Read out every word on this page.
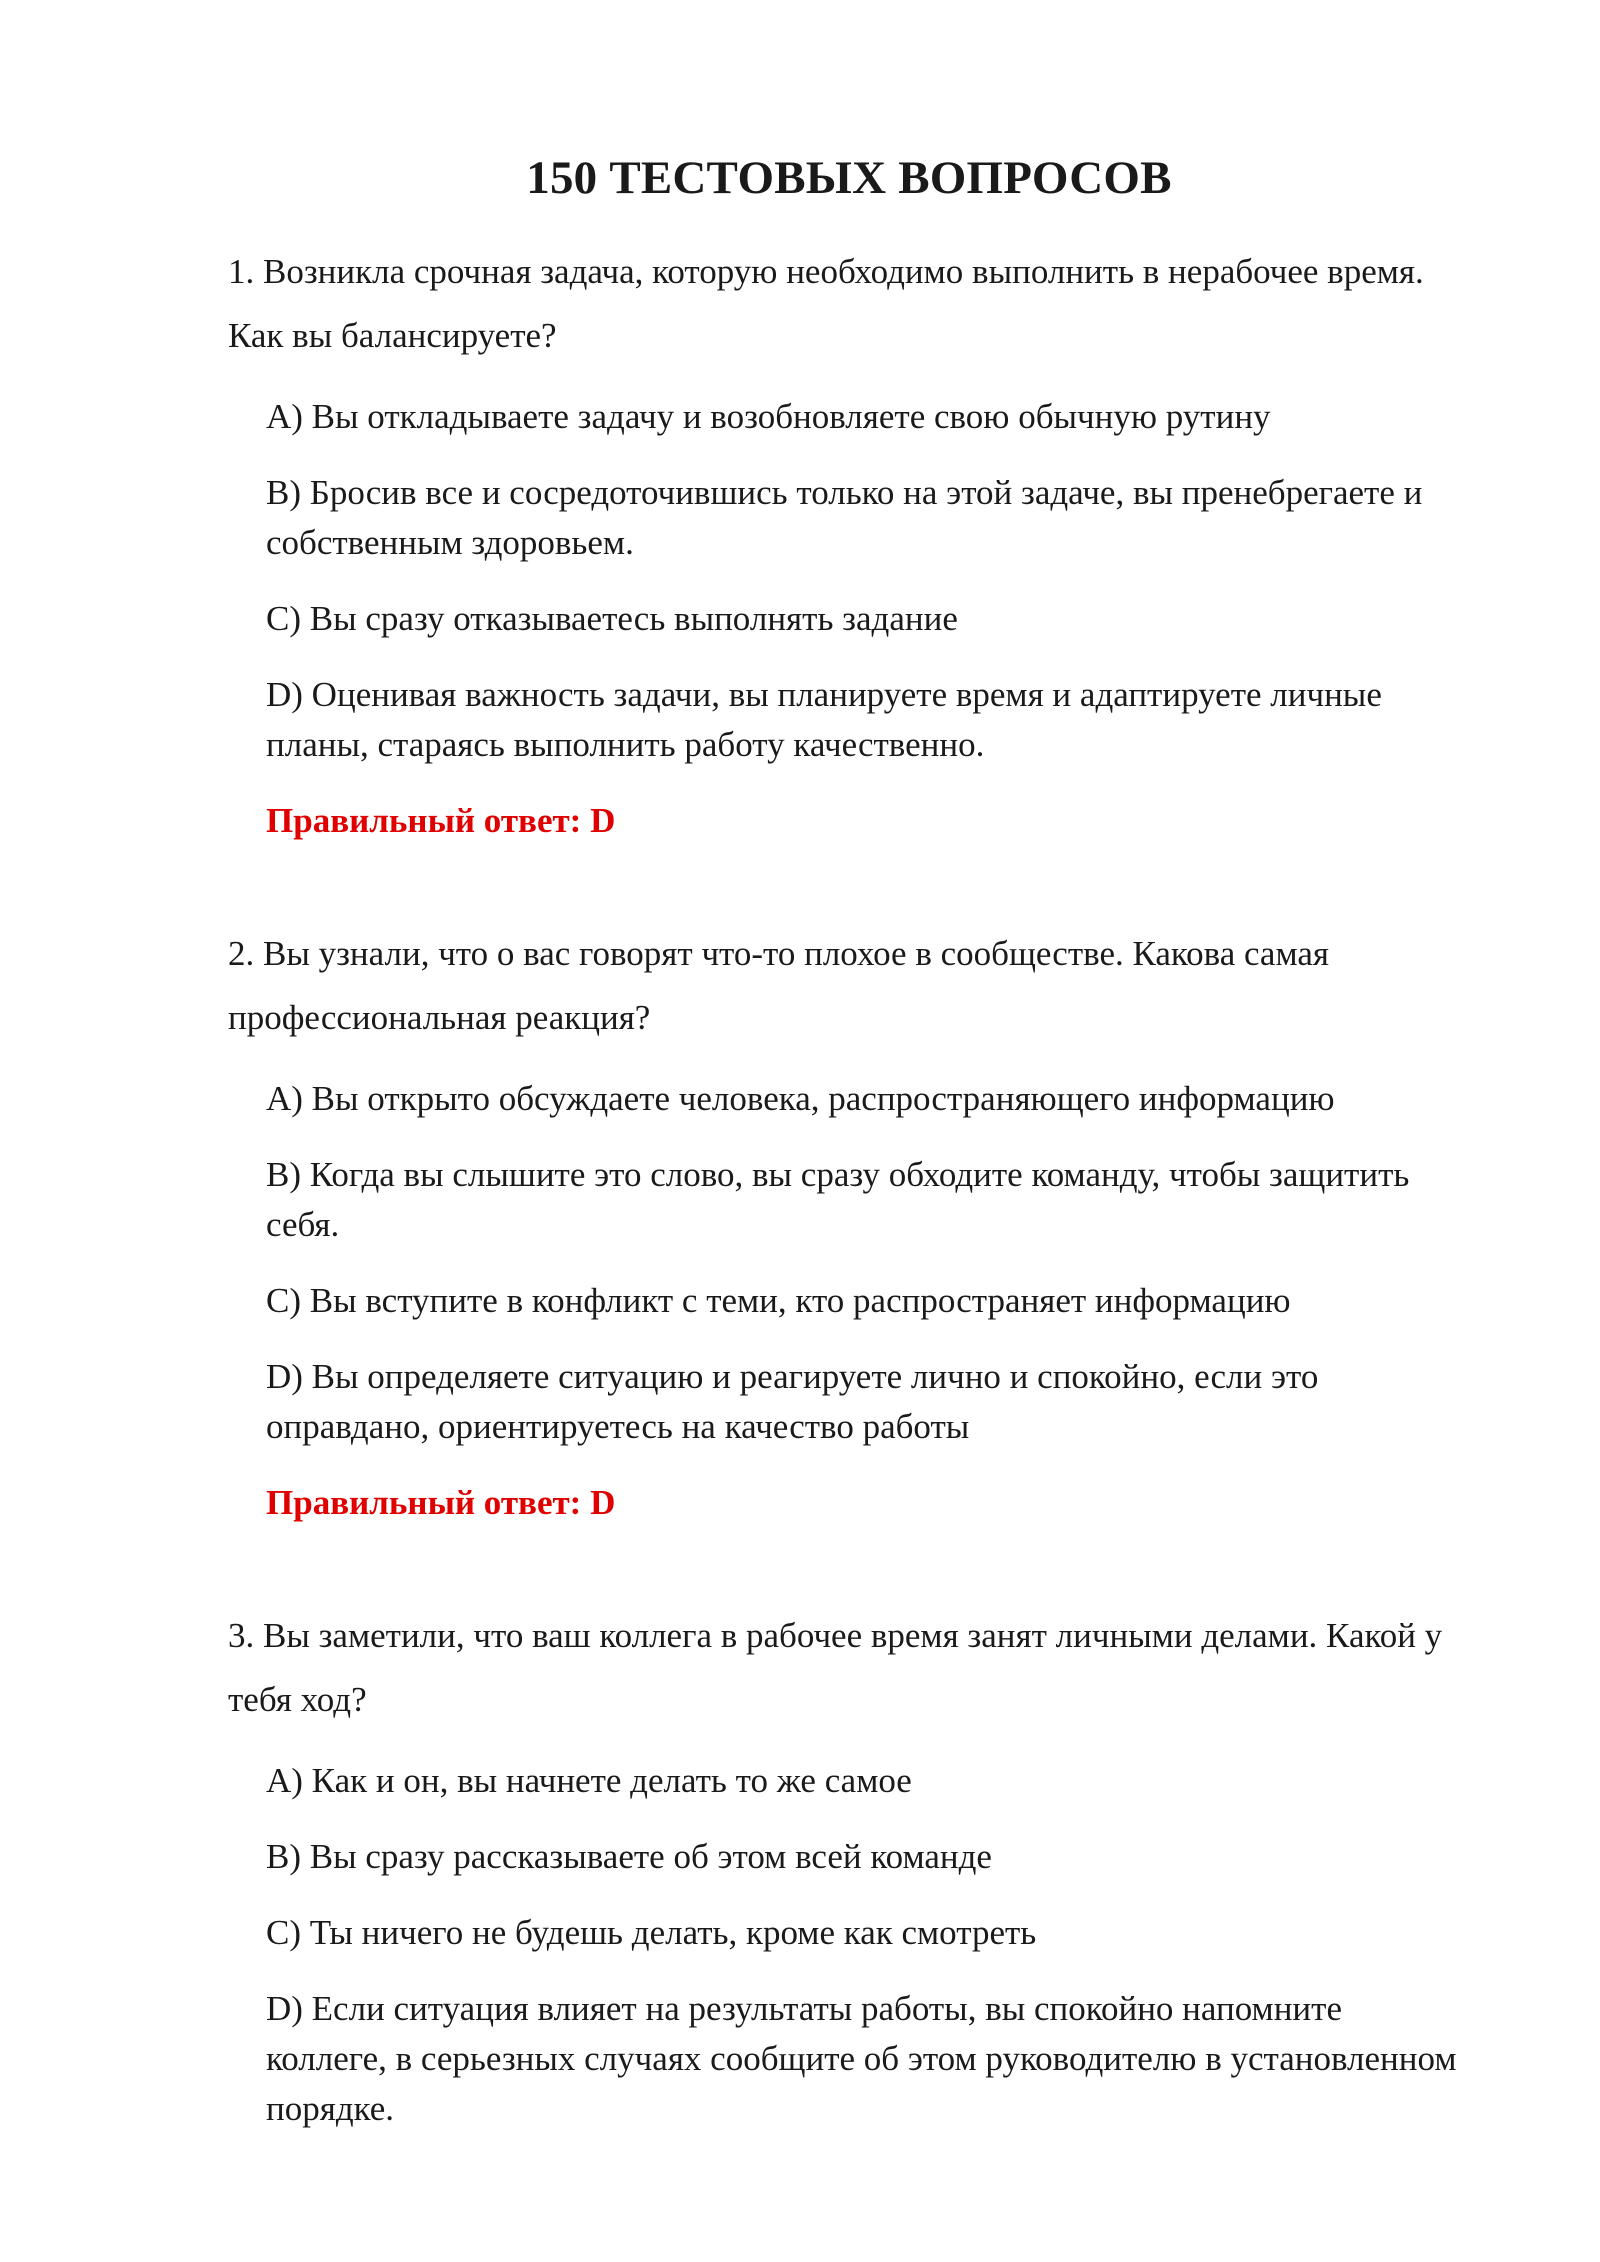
150 ТЕСТОВЫХ ВОПРОСОВ

1. Возникла срочная задача, которую необходимо выполнить в нерабочее время. Как вы балансируете?

A) Вы откладываете задачу и возобновляете свою обычную рутину
B) Бросив все и сосредоточившись только на этой задаче, вы пренебрегаете и собственным здоровьем.
C) Вы сразу отказываетесь выполнять задание
D) Оценивая важность задачи, вы планируете время и адаптируете личные планы, стараясь выполнить работу качественно.

Правильный ответ: D

2. Вы узнали, что о вас говорят что-то плохое в сообществе. Какова самая профессиональная реакция?

A) Вы открыто обсуждаете человека, распространяющего информацию
B) Когда вы слышите это слово, вы сразу обходите команду, чтобы защитить себя.
C) Вы вступите в конфликт с теми, кто распространяет информацию
D) Вы определяете ситуацию и реагируете лично и спокойно, если это оправдано, ориентируетесь на качество работы

Правильный ответ: D

3. Вы заметили, что ваш коллега в рабочее время занят личными делами. Какой у тебя ход?

A) Как и он, вы начнете делать то же самое
B) Вы сразу рассказываете об этом всей команде
C) Ты ничего не будешь делать, кроме как смотреть
D) Если ситуация влияет на результаты работы, вы спокойно напомните коллеге, в серьезных случаях сообщите об этом руководителю в установленном порядке.
